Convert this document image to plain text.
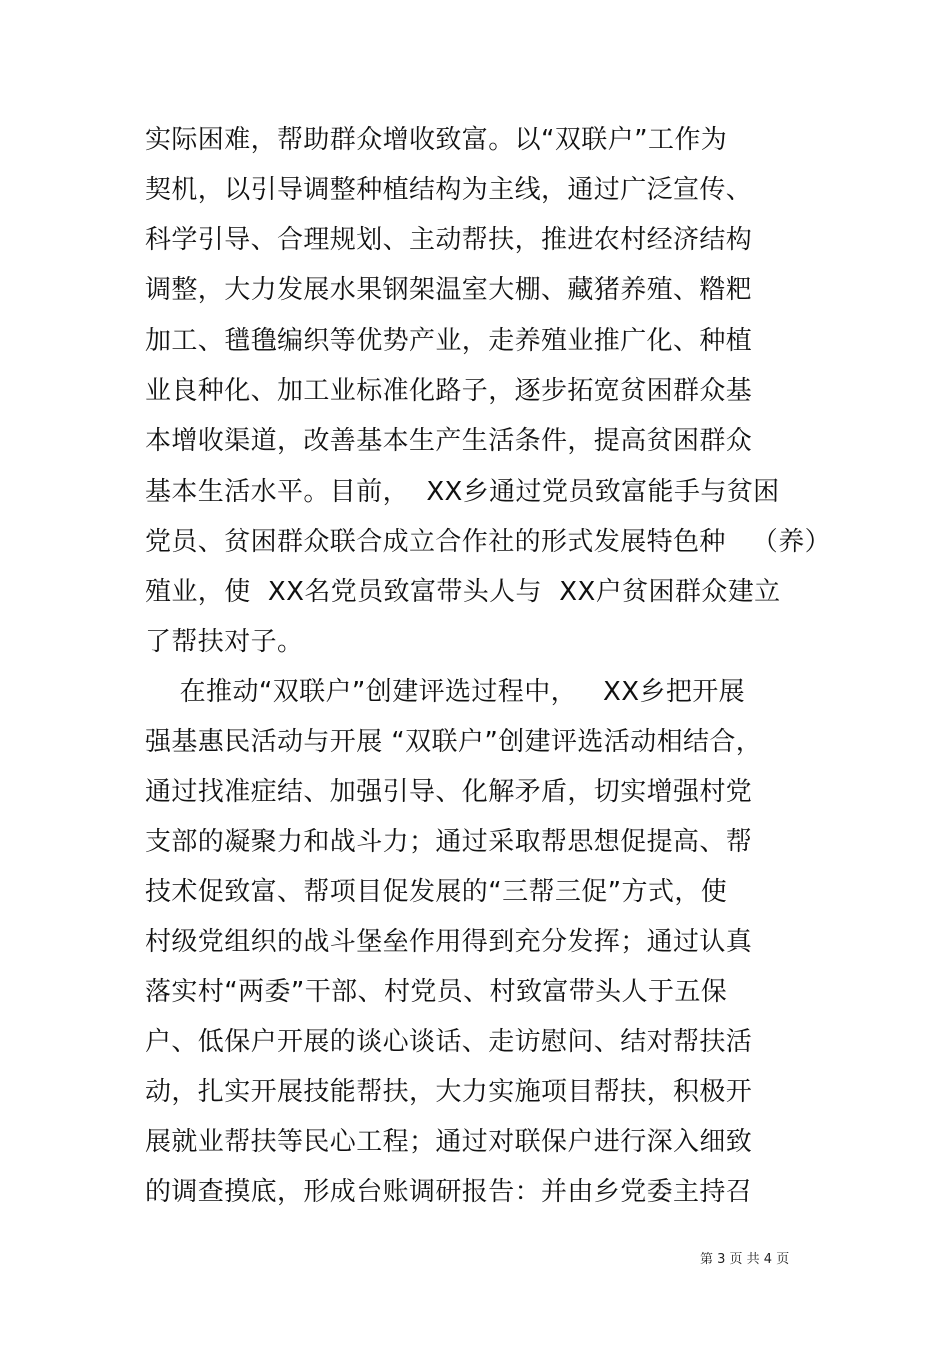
实际困难，帮助群众增收致富。以“双联户”工作为
契机，以引导调整种植结构为主线，通过广泛宣传、
科学引导、合理规划、主动帮扶，推进农村经济结构
调整，大力发展水果钢架温室大棚、藏猪养殖、糌粑
加工、氆氇编织等优势产业，走养殖业推广化、种植
业良种化、加工业标准化路子，逐步拓宽贫困群众基
本增收渠道，改善基本生产生活条件，提高贫困群众
基本生活水平。目前，  XX乡通过党员致富能手与贫困
党员、贫困群众联合成立合作社的形式发展特色种   （养）
殖业，使  XX名党员致富带头人与  XX户贫困群众建立
了帮扶对子。
在推动“双联户”创建评选过程中，   XX乡把开展
强基惠民活动与开展 “双联户”创建评选活动相结合，
通过找准症结、加强引导、化解矛盾，切实增强村党
支部的凝聚力和战斗力；通过采取帮思想促提高、帮
技术促致富、帮项目促发展的“三帮三促”方式，使
村级党组织的战斗堡垒作用得到充分发挥；通过认真
落实村“两委”干部、村党员、村致富带头人于五保
户、低保户开展的谈心谈话、走访慰问、结对帮扶活
动，扎实开展技能帮扶，大力实施项目帮扶，积极开
展就业帮扶等民心工程；通过对联保户进行深入细致
的调查摸底，形成台账调研报告：并由乡党委主持召
第 3 页 共 4 页
